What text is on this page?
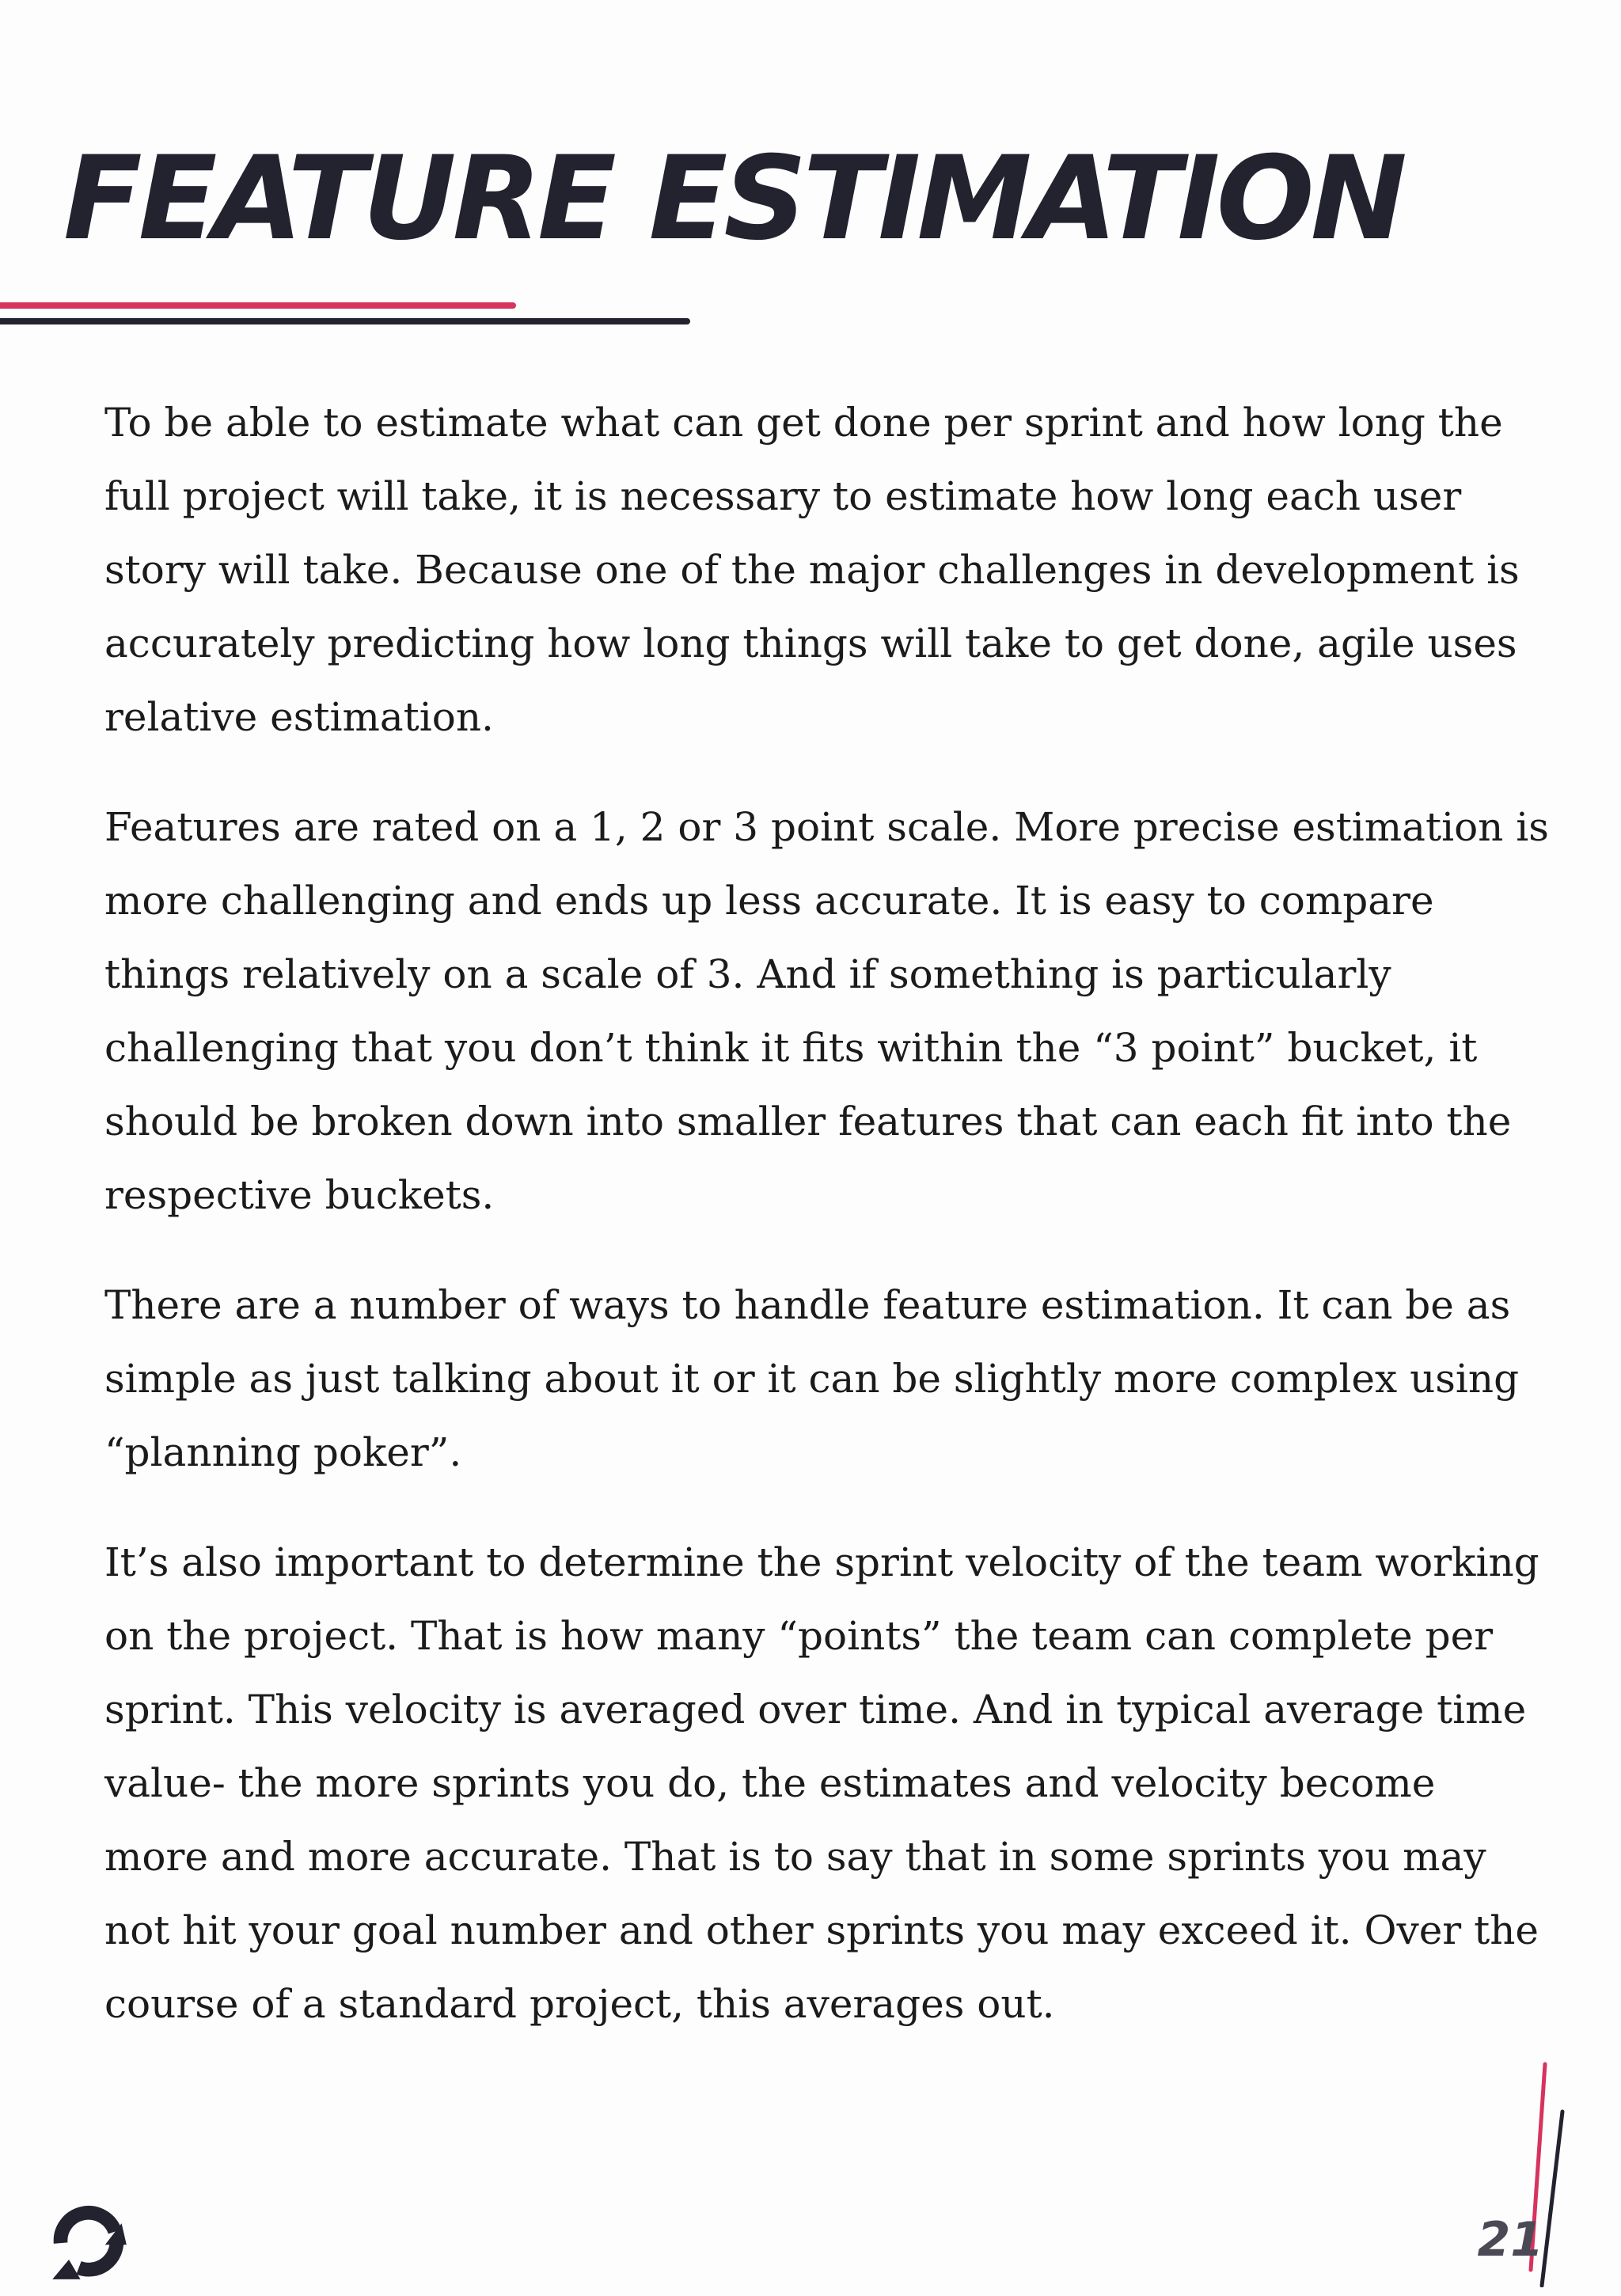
FEATURE ESTIMATION

To be able to estimate what can get done per sprint and how long the
full project will take, it is necessary to estimate how long each user
story will take. Because one of the major challenges in development is
accurately predicting how long things will take to get done, agile uses
relative estimation.

Features are rated on a 1, 2 or 3 point scale. More precise estimation is
more challenging and ends up less accurate. It is easy to compare
things relatively on a scale of 3. And if something is particularly
challenging that you don’t think it fits within the “3 point” bucket, it
should be broken down into smaller features that can each fit into the
respective buckets.

There are a number of ways to handle feature estimation. It can be as
simple as just talking about it or it can be slightly more complex using
“planning poker”.

It’s also important to determine the sprint velocity of the team working
on the project. That is how many “points” the team can complete per
sprint. This velocity is averaged over time. And in typical average time
value- the more sprints you do, the estimates and velocity become
more and more accurate. That is to say that in some sprints you may
not hit your goal number and other sprints you may exceed it. Over the
course of a standard project, this averages out.

21
